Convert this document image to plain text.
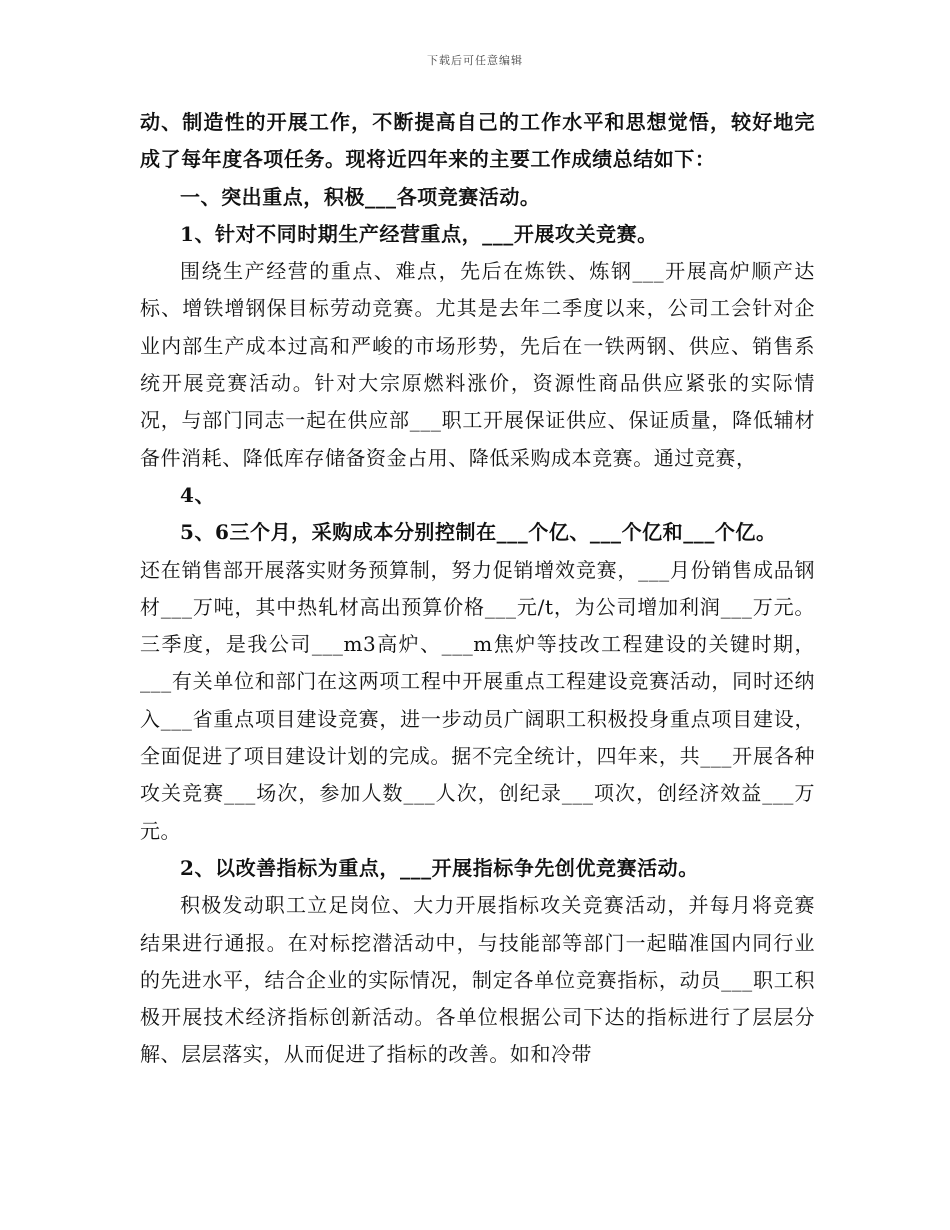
下载后可任意编辑

动、制造性的开展工作，不断提高自己的工作水平和思想觉悟，较好地完成了每年度各项任务。现将近四年来的主要工作成绩总结如下：

一、突出重点，积极___各项竞赛活动。

1、针对不同时期生产经营重点，___开展攻关竞赛。

围绕生产经营的重点、难点，先后在炼铁、炼钢___开展高炉顺产达标、增铁增钢保目标劳动竞赛。尤其是去年二季度以来，公司工会针对企业内部生产成本过高和严峻的市场形势，先后在一铁两钢、供应、销售系统开展竞赛活动。针对大宗原燃料涨价，资源性商品供应紧张的实际情况，与部门同志一起在供应部___职工开展保证供应、保证质量，降低辅材备件消耗、降低库存储备资金占用、降低采购成本竞赛。通过竞赛，

4、

5、6三个月，采购成本分别控制在___个亿、___个亿和___个亿。

还在销售部开展落实财务预算制，努力促销增效竞赛，___月份销售成品钢材___万吨，其中热轧材高出预算价格___元/t，为公司增加利润___万元。三季度，是我公司___m3高炉、___m焦炉等技改工程建设的关键时期，___有关单位和部门在这两项工程中开展重点工程建设竞赛活动，同时还纳入___省重点项目建设竞赛，进一步动员广阔职工积极投身重点项目建设，全面促进了项目建设计划的完成。据不完全统计，四年来，共___开展各种攻关竞赛___场次，参加人数___人次，创纪录___项次，创经济效益___万元。

2、以改善指标为重点，___开展指标争先创优竞赛活动。

积极发动职工立足岗位、大力开展指标攻关竞赛活动，并每月将竞赛结果进行通报。在对标挖潜活动中，与技能部等部门一起瞄准国内同行业的先进水平，结合企业的实际情况，制定各单位竞赛指标，动员___职工积极开展技术经济指标创新活动。各单位根据公司下达的指标进行了层层分解、层层落实，从而促进了指标的改善。如和冷带
